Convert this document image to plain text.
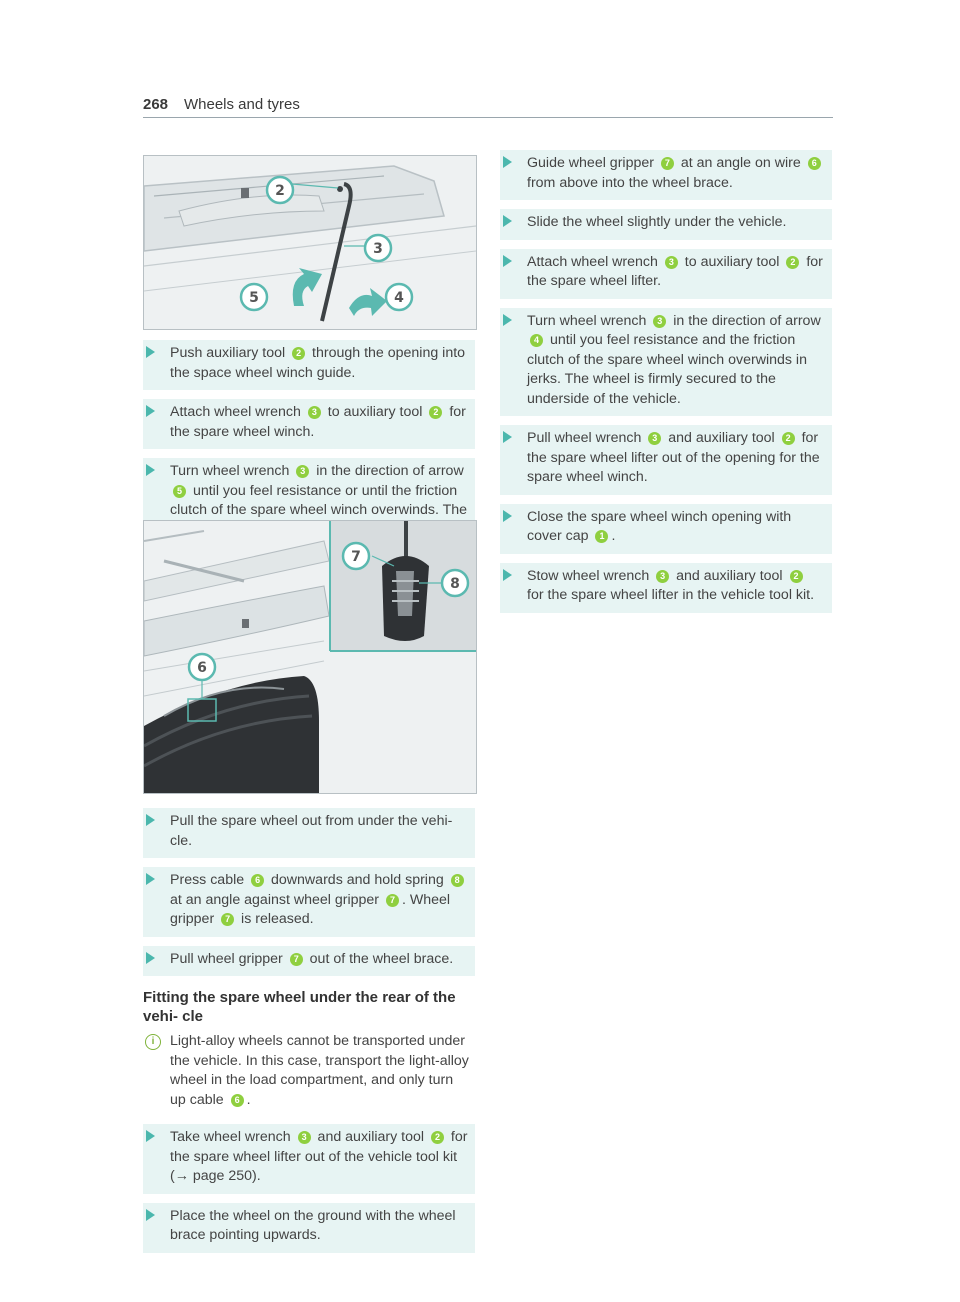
268 Wheels and tyres
2
3
4
5
Push auxiliary tool 2 through the opening into the space wheel winch guide.
Attach wheel wrench 3 to auxiliary tool 2 for the spare wheel winch.
Turn wheel wrench 3 in the direction of arrow 5 until you feel resistance or until the friction clutch of the spare wheel winch overwinds. The
7
8
6
Pull the spare wheel out from under the vehi- cle.
Press cable 6 downwards and hold spring 8 at an angle against wheel gripper 7 . Wheel gripper 7 is released.
Pull wheel gripper 7 out of the wheel brace.
Fitting the spare wheel under the rear of the vehi- cle
i	Light-alloy wheels cannot be transported under the vehicle. In this case, transport the light-alloy wheel in the load compartment, and only turn up cable 6 .
Take wheel wrench 3 and auxiliary tool 2 for the spare wheel lifter out of the vehicle tool kit (→ page 250).
Place the wheel on the ground with the wheel brace pointing upwards.
Guide wheel gripper 7 at an angle on wire 6 from above into the wheel brace.
Slide the wheel slightly under the vehicle.
Attach wheel wrench 3 to auxiliary tool 2 for the spare wheel lifter.
Turn wheel wrench 3 in the direction of arrow 4 until you feel resistance and the friction clutch of the spare wheel winch overwinds in jerks. The wheel is firmly secured to the underside of the vehicle.
Pull wheel wrench 3 and auxiliary tool 2 for the spare wheel lifter out of the opening for the spare wheel winch.
Close the spare wheel winch opening with cover cap 1 .
Stow wheel wrench 3 and auxiliary tool 2 for the spare wheel lifter in the vehicle tool kit.
